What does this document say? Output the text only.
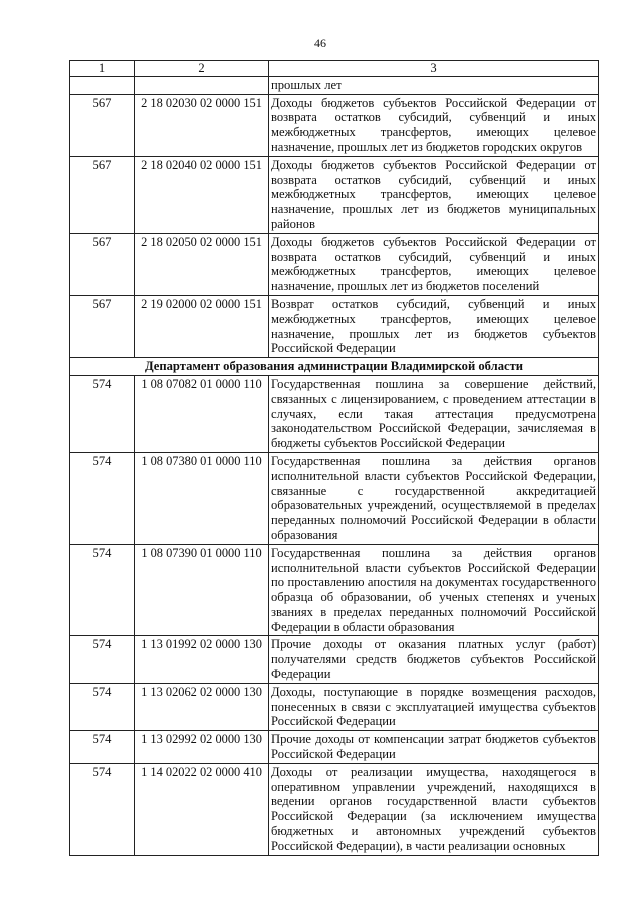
46
1	2	3
		прошлых лет
567	2 18 02030 02 0000 151	Доходы бюджетов субъектов Российской Федерации от возврата остатков субсидий, субвенций и иных межбюджетных трансфертов, имеющих целевое назначение, прошлых лет из бюджетов городских округов
567	2 18 02040 02 0000 151	Доходы бюджетов субъектов Российской Федерации от возврата остатков субсидий, субвенций и иных межбюджетных трансфертов, имеющих целевое назначение, прошлых лет из бюджетов муниципальных районов
567	2 18 02050 02 0000 151	Доходы бюджетов субъектов Российской Федерации от возврата остатков субсидий, субвенций и иных межбюджетных трансфертов, имеющих целевое назначение, прошлых лет из бюджетов поселений
567	2 19 02000 02 0000 151	Возврат остатков субсидий, субвенций и иных межбюджетных трансфертов, имеющих целевое назначение, прошлых лет из бюджетов субъектов Российской Федерации
Департамент образования администрации Владимирской области		
574	1 08 07082 01 0000 110	Государственная пошлина за совершение действий, связанных с лицензированием, с проведением аттестации в случаях, если такая аттестация предусмотрена законодательством Российской Федерации, зачисляемая в бюджеты субъектов Российской Федерации
574	1 08 07380 01 0000 110	Государственная пошлина за действия органов исполнительной власти субъектов Российской Федерации, связанные с государственной аккредитацией образовательных учреждений, осуществляемой в пределах переданных полномочий Российской Федерации в области образования
574	1 08 07390 01 0000 110	Государственная пошлина за действия органов исполнительной власти субъектов Российской Федерации по проставлению апостиля на документах государственного образца об образовании, об ученых степенях и ученых званиях в пределах переданных полномочий Российской Федерации в области образования
574	1 13 01992 02 0000 130	Прочие доходы от оказания платных услуг (работ) получателями средств бюджетов субъектов Российской Федерации
574	1 13 02062 02 0000 130	Доходы, поступающие в порядке возмещения расходов, понесенных в связи с эксплуатацией имущества субъектов Российской Федерации
574	1 13 02992 02 0000 130	Прочие доходы от компенсации затрат бюджетов субъектов Российской Федерации
574	1 14 02022 02 0000 410	Доходы от реализации имущества, находящегося в оперативном управлении учреждений, находящихся в ведении органов государственной власти субъектов Российской Федерации (за исключением имущества бюджетных и автономных учреждений субъектов Российской Федерации), в части реализации основных
